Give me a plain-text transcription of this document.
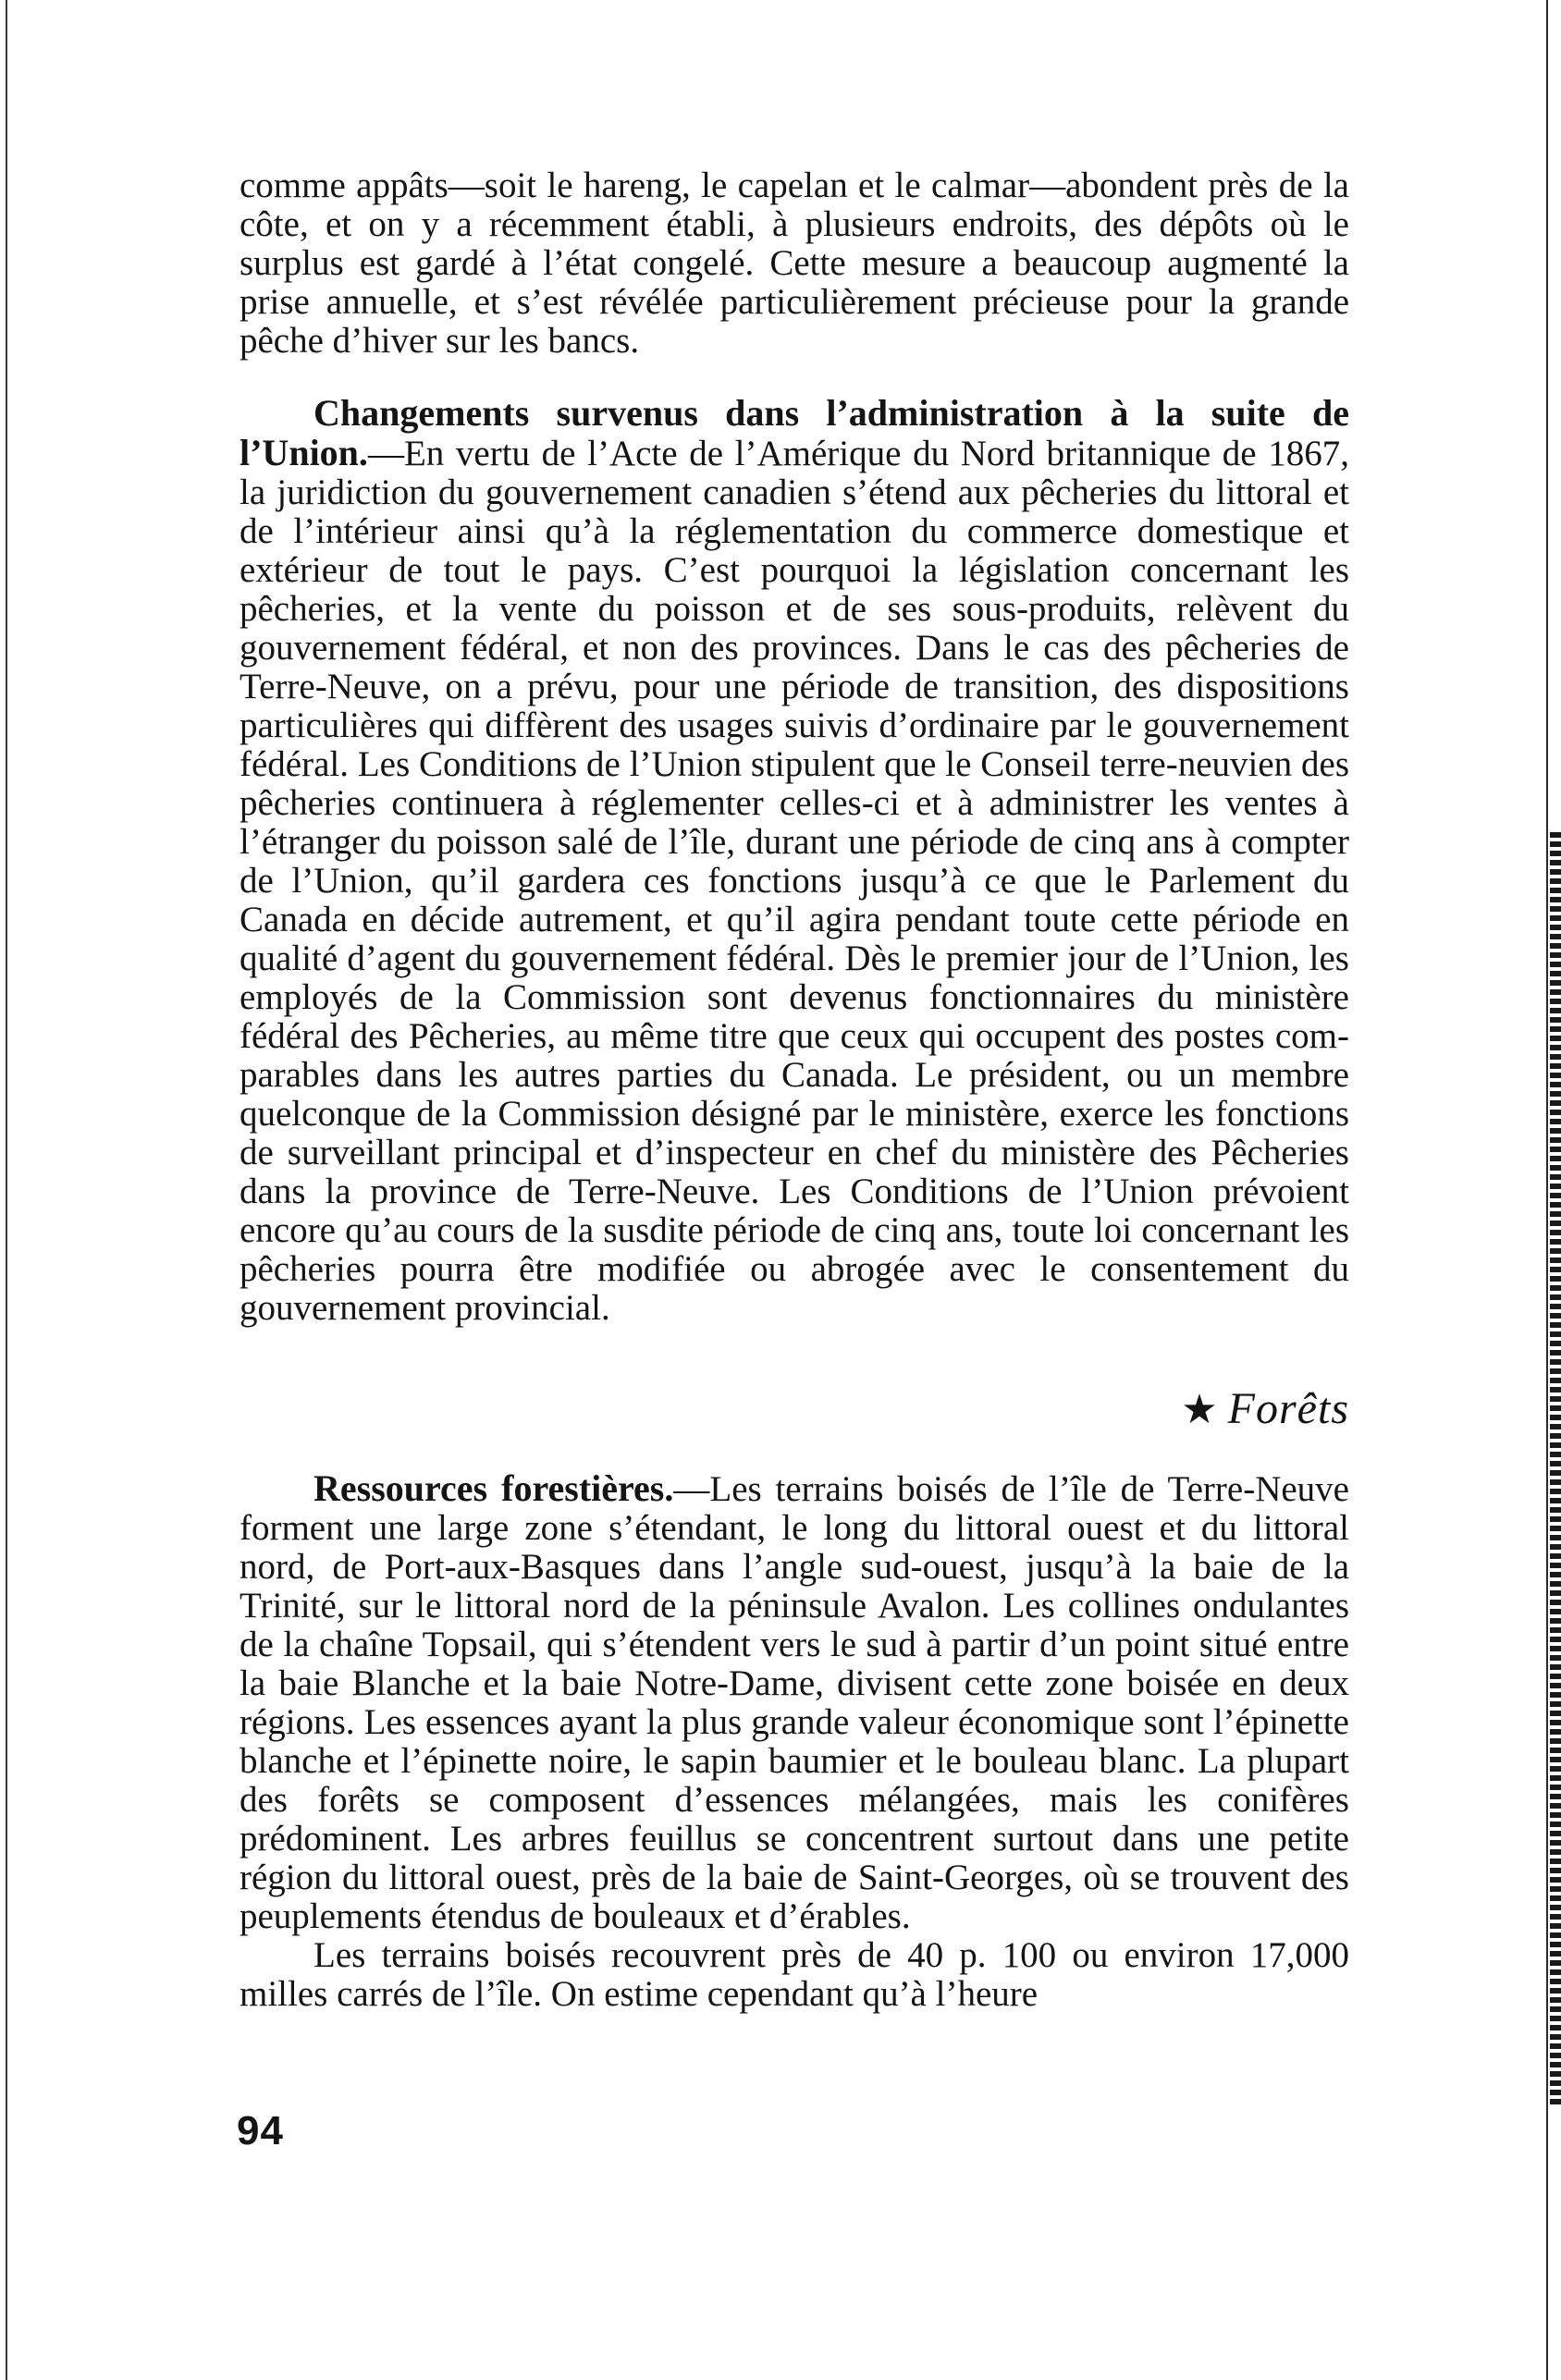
comme appâts—soit le hareng, le capelan et le calmar—abondent près de la côte, et on y a récemment établi, à plusieurs endroits, des dépôts où le surplus est gardé à l’état congelé. Cette mesure a beaucoup augmenté la prise annuelle, et s’est révélée particulièrement précieuse pour la grande pêche d’hiver sur les bancs.

Changements survenus dans l’administration à la suite de l’Union.—En vertu de l’Acte de l’Amérique du Nord britannique de 1867, la juridiction du gouvernement canadien s’étend aux pêcheries du littoral et de l’intérieur ainsi qu’à la réglementation du commerce domestique et extérieur de tout le pays. C’est pourquoi la législation concernant les pêcheries, et la vente du poisson et de ses sous-produits, relèvent du gouvernement fédéral, et non des provinces. Dans le cas des pêcheries de Terre-Neuve, on a prévu, pour une période de transition, des dispositions particulières qui diffèrent des usages suivis d’ordinaire par le gouvernement fédéral. Les Conditions de l’Union stipulent que le Conseil terre-neuvien des pêcheries continuera à réglementer celles-ci et à administrer les ventes à l’étranger du poisson salé de l’île, durant une période de cinq ans à compter de l’Union, qu’il gardera ces fonctions jusqu’à ce que le Parlement du Canada en décide autrement, et qu’il agira pendant toute cette période en qualité d’agent du gouvernement fédéral. Dès le premier jour de l’Union, les employés de la Commission sont devenus fonctionnaires du ministère fédéral des Pêcheries, au même titre que ceux qui occupent des postes comparables dans les autres parties du Canada. Le président, ou un membre quelconque de la Commission désigné par le ministère, exerce les fonctions de surveillant principal et d’inspecteur en chef du ministère des Pêcheries dans la province de Terre-Neuve. Les Conditions de l’Union prévoient encore qu’au cours de la susdite période de cinq ans, toute loi concernant les pêcheries pourra être modifiée ou abrogée avec le consentement du gouvernement provincial.

★ Forêts

Ressources forestières.—Les terrains boisés de l’île de Terre-Neuve forment une large zone s’étendant, le long du littoral ouest et du littoral nord, de Port-aux-Basques dans l’angle sud-ouest, jusqu’à la baie de la Trinité, sur le littoral nord de la péninsule Avalon. Les collines ondulantes de la chaîne Topsail, qui s’étendent vers le sud à partir d’un point situé entre la baie Blanche et la baie Notre-Dame, divisent cette zone boisée en deux régions. Les essences ayant la plus grande valeur économique sont l’épinette blanche et l’épinette noire, le sapin baumier et le bouleau blanc. La plupart des forêts se composent d’essences mélangées, mais les conifères prédominent. Les arbres feuillus se concentrent surtout dans une petite région du littoral ouest, près de la baie de Saint-Georges, où se trouvent des peuplements étendus de bouleaux et d’érables.

Les terrains boisés recouvrent près de 40 p. 100 ou environ 17,000 milles carrés de l’île. On estime cependant qu’à l’heure

94
